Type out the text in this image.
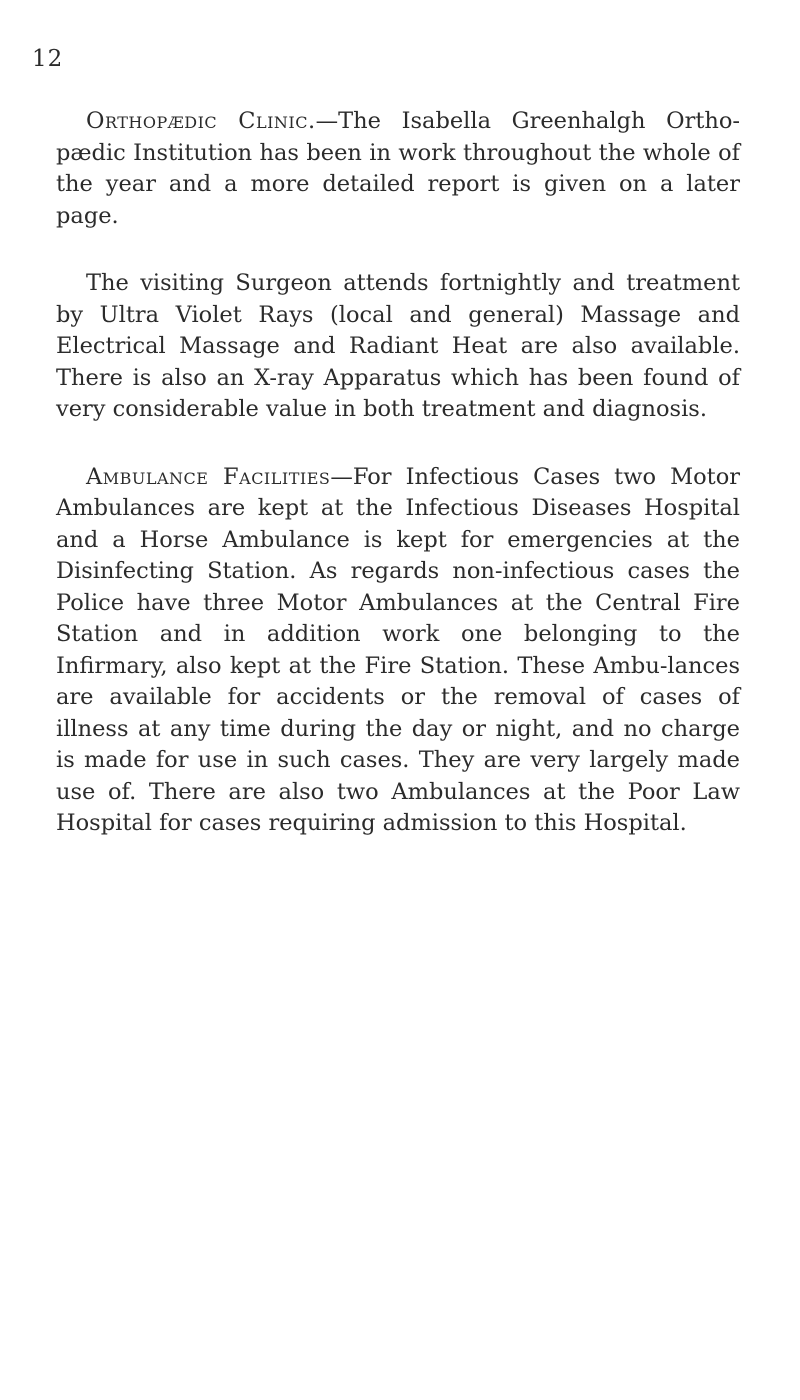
12

Orthopædic Clinic.—The Isabella Greenhalgh Ortho-pædic Institution has been in work throughout the whole of the year and a more detailed report is given on a later page.

The visiting Surgeon attends fortnightly and treatment by Ultra Violet Rays (local and general) Massage and Electrical Massage and Radiant Heat are also available. There is also an X-ray Apparatus which has been found of very considerable value in both treatment and diagnosis.

Ambulance Facilities—For Infectious Cases two Motor Ambulances are kept at the Infectious Diseases Hospital and a Horse Ambulance is kept for emergencies at the Disinfecting Station. As regards non-infectious cases the Police have three Motor Ambulances at the Central Fire Station and in addition work one belonging to the Infirmary, also kept at the Fire Station. These Ambu-lances are available for accidents or the removal of cases of illness at any time during the day or night, and no charge is made for use in such cases. They are very largely made use of. There are also two Ambulances at the Poor Law Hospital for cases requiring admission to this Hospital.
